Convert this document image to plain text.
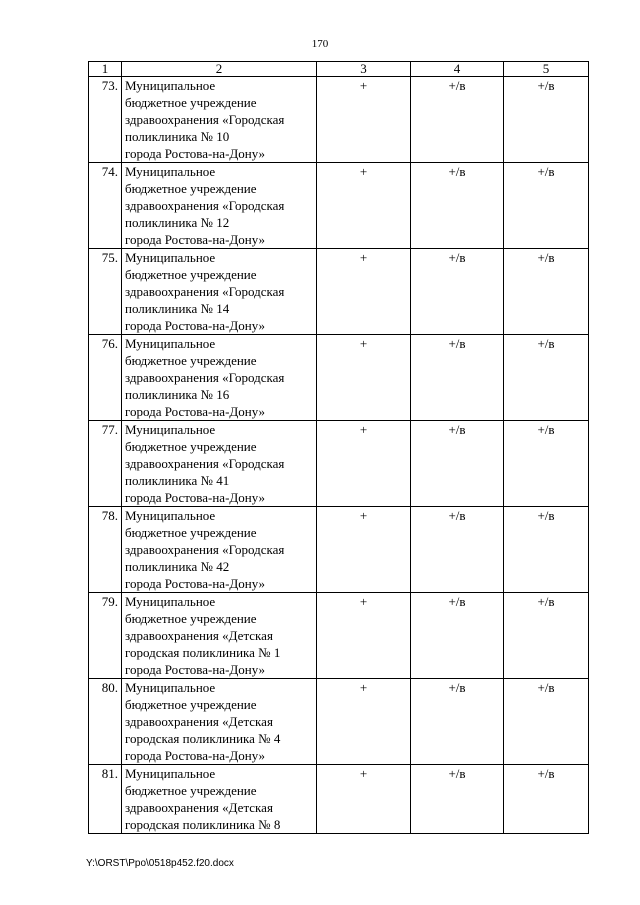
170
1	2	3	4	5
73.	Муниципальное
бюджетное учреждение
здравоохранения «Городская
поликлиника № 10
города Ростова-на-Дону»	+	+/в	+/в
74.	Муниципальное
бюджетное учреждение
здравоохранения «Городская
поликлиника № 12
города Ростова-на-Дону»	+	+/в	+/в
75.	Муниципальное
бюджетное учреждение
здравоохранения «Городская
поликлиника № 14
города Ростова-на-Дону»	+	+/в	+/в
76.	Муниципальное
бюджетное учреждение
здравоохранения «Городская
поликлиника № 16
города Ростова-на-Дону»	+	+/в	+/в
77.	Муниципальное
бюджетное учреждение
здравоохранения «Городская
поликлиника № 41
города Ростова-на-Дону»	+	+/в	+/в
78.	Муниципальное
бюджетное учреждение
здравоохранения «Городская
поликлиника № 42
города Ростова-на-Дону»	+	+/в	+/в
79.	Муниципальное
бюджетное учреждение
здравоохранения «Детская
городская поликлиника № 1
города Ростова-на-Дону»	+	+/в	+/в
80.	Муниципальное
бюджетное учреждение
здравоохранения «Детская
городская поликлиника № 4
города Ростова-на-Дону»	+	+/в	+/в
81.	Муниципальное
бюджетное учреждение
здравоохранения «Детская
городская поликлиника № 8	+	+/в	+/в
Y:\ORST\Ppo\0518p452.f20.docx
